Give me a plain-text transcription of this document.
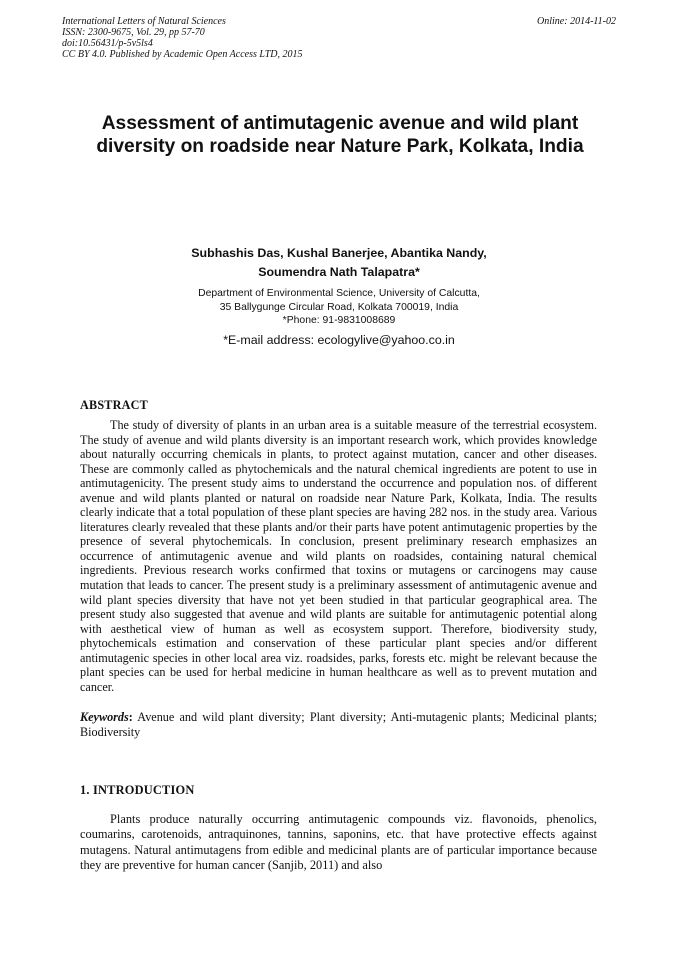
International Letters of Natural Sciences
ISSN: 2300-9675, Vol. 29, pp 57-70
doi:10.56431/p-5v5ls4
CC BY 4.0. Published by Academic Open Access LTD, 2015
Online: 2014-11-02
Assessment of antimutagenic avenue and wild plant diversity on roadside near Nature Park, Kolkata, India
Subhashis Das, Kushal Banerjee, Abantika Nandy,
Soumendra Nath Talapatra*
Department of Environmental Science, University of Calcutta,
35 Ballygunge Circular Road, Kolkata 700019, India
*Phone: 91-9831008689
*E-mail address: ecologylive@yahoo.co.in
ABSTRACT
The study of diversity of plants in an urban area is a suitable measure of the terrestrial ecosystem. The study of avenue and wild plants diversity is an important research work, which provides knowledge about naturally occurring chemicals in plants, to protect against mutation, cancer and other diseases. These are commonly called as phytochemicals and the natural chemical ingredients are potent to use in antimutagenicity. The present study aims to understand the occurrence and population nos. of different avenue and wild plants planted or natural on roadside near Nature Park, Kolkata, India. The results clearly indicate that a total population of these plant species are having 282 nos. in the study area. Various literatures clearly revealed that these plants and/or their parts have potent antimutagenic properties by the presence of several phytochemicals. In conclusion, present preliminary research emphasizes an occurrence of antimutagenic avenue and wild plants on roadsides, containing natural chemical ingredients. Previous research works confirmed that toxins or mutagens or carcinogens may cause mutation that leads to cancer. The present study is a preliminary assessment of antimutagenic avenue and wild plant species diversity that have not yet been studied in that particular geographical area. The present study also suggested that avenue and wild plants are suitable for antimutagenic potential along with aesthetical view of human as well as ecosystem support. Therefore, biodiversity study, phytochemicals estimation and conservation of these particular plant species and/or different antimutagenic species in other local area viz. roadsides, parks, forests etc. might be relevant because the plant species can be used for herbal medicine in human healthcare as well as to prevent mutation and cancer.
Keywords: Avenue and wild plant diversity; Plant diversity; Anti-mutagenic plants; Medicinal plants; Biodiversity
1. INTRODUCTION
Plants produce naturally occurring antimutagenic compounds viz. flavonoids, phenolics, coumarins, carotenoids, antraquinones, tannins, saponins, etc. that have protective effects against mutagens. Natural antimutagens from edible and medicinal plants are of particular importance because they are preventive for human cancer (Sanjib, 2011) and also
